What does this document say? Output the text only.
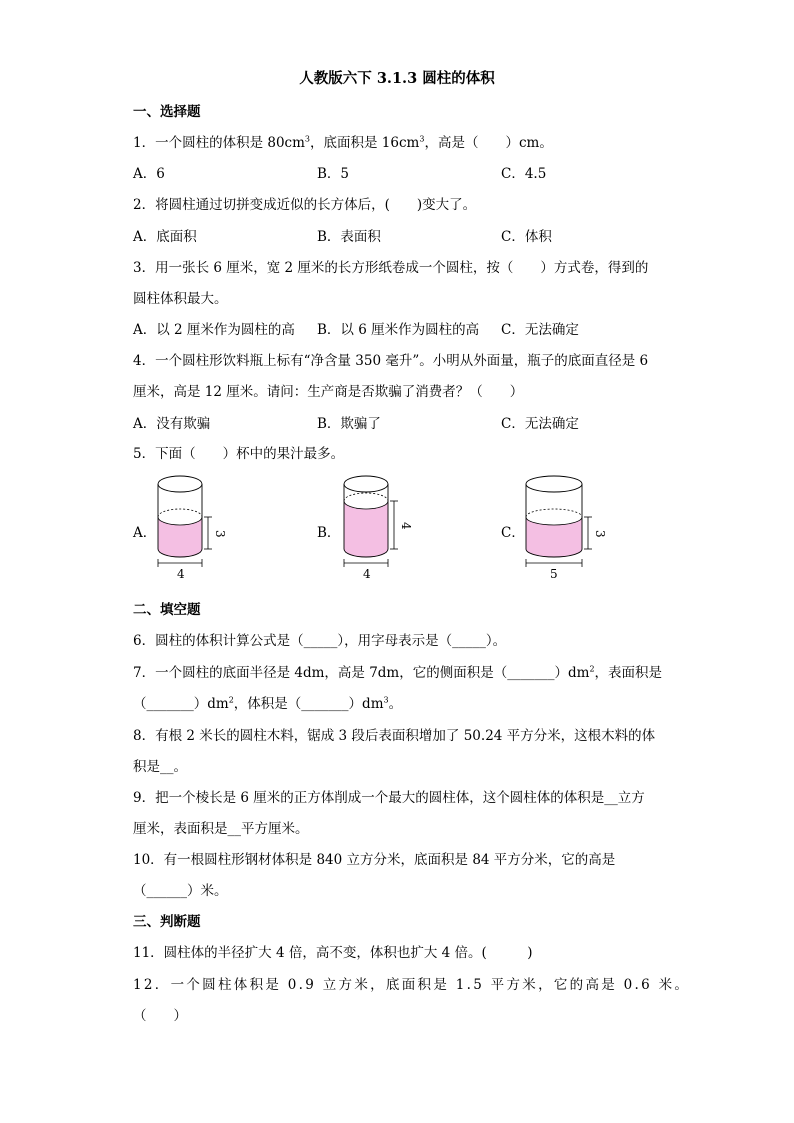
人教版六下 3.1.3 圆柱的体积
一、选择题
1．一个圆柱的体积是 $80cm^3$，底面积是 $16cm^3$，高是（　　）cm。
A．6	B．5	C．4.5
2．将圆柱通过切拼变成近似的长方体后，(　　)变大了。
A．底面积	B．表面积	C．体积
3．用一张长 6 厘米，宽 2 厘米的长方形纸卷成一个圆柱，按（　　）方式卷，得到的
圆柱体积最大。
A．以 2 厘米作为圆柱的高 B．以 6 厘米作为圆柱的高 C．无法确定
4．一个圆柱形饮料瓶上标有“净含量 350 毫升”。小明从外面量，瓶子的底面直径是 6
厘米，高是 12 厘米。请问：生产商是否欺骗了消费者？（　　）
A．没有欺骗	B．欺骗了	C．无法确定
5．下面（　　）杯中的果汁最多。
A．
4
3	B．
4
4	C．
5
3
二、填空题
6．圆柱的体积计算公式是（_____），用字母表示是（_____）。
7．一个圆柱的底面半径是 4dm，高是 7dm，它的侧面积是$(\_\_\_\_\_\_\_)dm^2$，表面积是
$(\_\_\_\_\_\_\_)dm^2$，体积是$(\_\_\_\_\_\_\_)dm^3$。
8．有根 2 米长的圆柱木料，锯成 3 段后表面积增加了 50.24 平方分米，这根木料的体
积是__。
9．把一个棱长是 6 厘米的正方体削成一个最大的圆柱体，这个圆柱体的体积是__立方
厘米，表面积是__平方厘米。
10．有一根圆柱形钢材体积是 840 立方分米，底面积是 84 平方分米，它的高是
（______）米。
三、判断题
11．圆柱体的半径扩大 4 倍，高不变，体积也扩大 4 倍。(　　　)
12．一个圆柱体积是 0.9 立方米，底面积是 1.5 平方米，它的高是 0.6 米。
（　　）
